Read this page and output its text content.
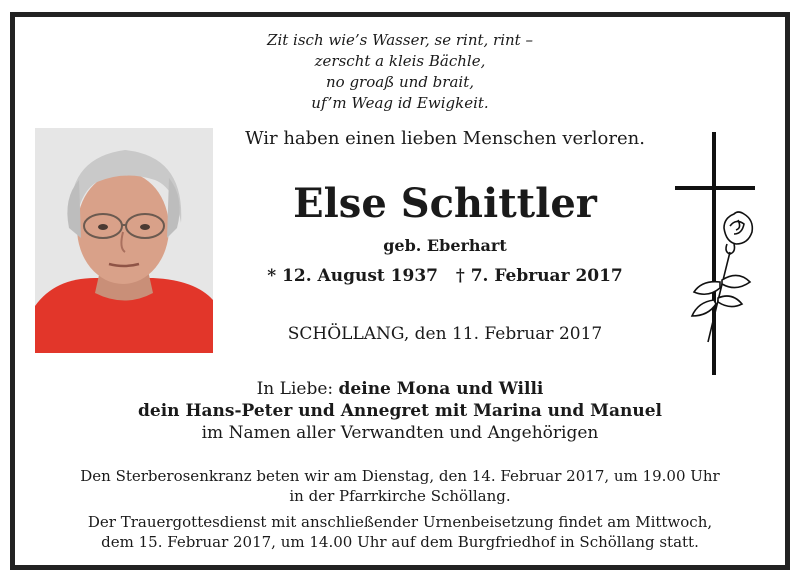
Zit isch wie’s Wasser, se rint, rint –
zerscht a kleis Bächle,
no groaß und brait,
uf’m Weag id Ewigkeit.
Wir haben einen lieben Menschen verloren.
Else Schittler
geb. Eberhart
* 12. August 1937 † 7. Februar 2017
SCHÖLLANG, den 11. Februar 2017
In Liebe: deine Mona und Willi
dein Hans-Peter und Annegret mit Marina und Manuel
im Namen aller Verwandten und Angehörigen
Den Sterberosenkranz beten wir am Dienstag, den 14. Februar 2017, um 19.00 Uhr
in der Pfarrkirche Schöllang.
Der Trauergottesdienst mit anschließender Urnenbeisetzung findet am Mittwoch,
dem 15. Februar 2017, um 14.00 Uhr auf dem Burgfriedhof in Schöllang statt.
